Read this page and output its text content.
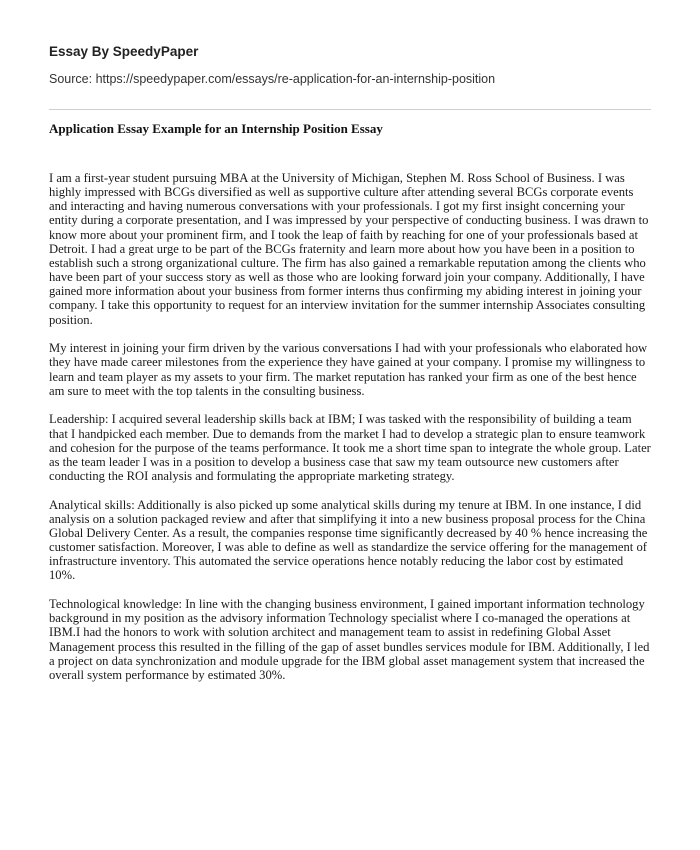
Essay By SpeedyPaper

Source: https://speedypaper.com/essays/re-application-for-an-internship-position

Application Essay Example for an Internship Position Essay

I am a first-year student pursuing MBA at the University of Michigan, Stephen M. Ross School of Business. I was highly impressed with BCGs diversified as well as supportive culture after attending several BCGs corporate events and interacting and having numerous conversations with your professionals. I got my first insight concerning your entity during a corporate presentation, and I was impressed by your perspective of conducting business. I was drawn to know more about your prominent firm, and I took the leap of faith by reaching for one of your professionals based at Detroit. I had a great urge to be part of the BCGs fraternity and learn more about how you have been in a position to establish such a strong organizational culture. The firm has also gained a remarkable reputation among the clients who have been part of your success story as well as those who are looking forward join your company. Additionally, I have gained more information about your business from former interns thus confirming my abiding interest in joining your company. I take this opportunity to request for an interview invitation for the summer internship Associates consulting position.

My interest in joining your firm driven by the various conversations I had with your professionals who elaborated how they have made career milestones from the experience they have gained at your company. I promise my willingness to learn and team player as my assets to your firm. The market reputation has ranked your firm as one of the best hence am sure to meet with the top talents in the consulting business.

Leadership: I acquired several leadership skills back at IBM; I was tasked with the responsibility of building a team that I handpicked each member. Due to demands from the market I had to develop a strategic plan to ensure teamwork and cohesion for the purpose of the teams performance. It took me a short time span to integrate the whole group. Later as the team leader I was in a position to develop a business case that saw my team outsource new customers after conducting the ROI analysis and formulating the appropriate marketing strategy.

Analytical skills: Additionally is also picked up some analytical skills during my tenure at IBM. In one instance, I did analysis on a solution packaged review and after that simplifying it into a new business proposal process for the China Global Delivery Center. As a result, the companies response time significantly decreased by 40 % hence increasing the customer satisfaction. Moreover, I was able to define as well as standardize the service offering for the management of infrastructure inventory. This automated the service operations hence notably reducing the labor cost by estimated 10%.

Technological knowledge: In line with the changing business environment, I gained important information technology background in my position as the advisory information Technology specialist where I co-managed the operations at IBM.I had the honors to work with solution architect and management team to assist in redefining Global Asset Management process this resulted in the filling of the gap of asset bundles services module for IBM. Additionally, I led a project on data synchronization and module upgrade for the IBM global asset management system that increased the overall system performance by estimated 30%.
